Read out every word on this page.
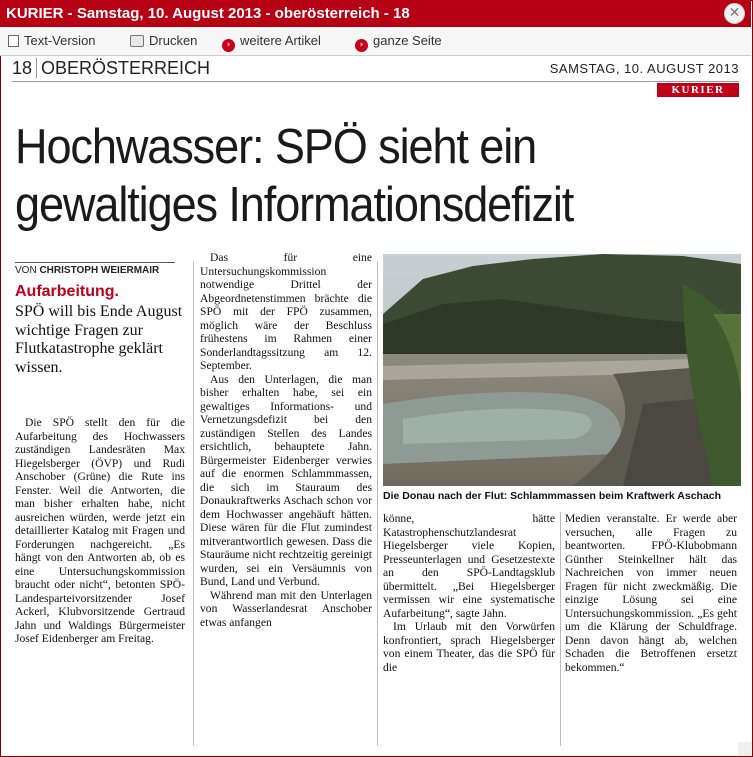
KURIER - Samstag, 10. August 2013 - oberösterreich - 18	✕
Text-Version	Drucken	› weitere Artikel	› ganze Seite
18 OBERÖSTERREICH	SAMSTAG, 10. AUGUST 2013
KURIER
Hochwasser: SPÖ sieht ein
gewaltiges Informationsdefizit
VON CHRISTOPH WEIERMAIR
Aufarbeitung.
SPÖ will bis Ende August wichtige Fragen zur Flutkatastrophe geklärt wissen.

Die SPÖ stellt den für die Aufarbeitung des Hochwassers zuständigen Landesräten Max Hiegelsberger (ÖVP) und Rudi Anschober (Grüne) die Rute ins Fenster. Weil die Antworten, die man bisher erhalten habe, nicht ausreichen würden, werde jetzt ein detaillierter Katalog mit Fragen und Forderungen nachgereicht. „Es hängt von den Antworten ab, ob es eine Untersuchungskommission braucht oder nicht“, betonten SPÖ-Landesparteivorsitzender Josef Ackerl, Klubvorsitzende Gertraud Jahn und Waldings Bürgermeister Josef Eidenberger am Freitag.

Das für eine Untersuchungskommission notwendige Drittel der Abgeordnetenstimmen brächte die SPÖ mit der FPÖ zusammen, möglich wäre der Beschluss frühestens im Rahmen einer Sonderlandtagssitzung am 12. September.

Aus den Unterlagen, die man bisher erhalten habe, sei ein gewaltiges Informations- und Vernetzungsdefizit bei den zuständigen Stellen des Landes ersichtlich, behauptete Jahn. Bürgermeister Eidenberger verwies auf die enormen Schlammmassen, die sich im Stauraum des Donaukraftwerks Aschach schon vor dem Hochwasser angehäuft hätten. Diese wären für die Flut zumindest mitverantwortlich gewesen. Dass die Stauräume nicht rechtzeitig gereinigt wurden, sei ein Versäumnis von Bund, Land und Verbund.

Während man mit den Unterlagen von Wasserlandesrat Anschober etwas anfangen

Die Donau nach der Flut: Schlammmassen beim Kraftwerk Aschach

könne, hätte Katastrophenschutzlandesrat Hiegelsberger viele Kopien, Presseunterlagen und Gesetzestexte an den SPÖ-Landtagsklub übermittelt. „Bei Hiegelsberger vermissen wir eine systematische Aufarbeitung“, sagte Jahn.

Im Urlaub mit den Vorwürfen konfrontiert, sprach Hiegelsberger von einem Theater, das die SPÖ für die

Medien veranstalte. Er werde aber versuchen, alle Fragen zu beantworten. FPÖ-Klubobmann Günther Steinkellner hält das Nachreichen von immer neuen Fragen für nicht zweckmäßig. Die einzige Lösung sei eine Untersuchungskommission. „Es geht um die Klärung der Schuldfrage. Denn davon hängt ab, welchen Schaden die Betroffenen ersetzt bekommen.“
